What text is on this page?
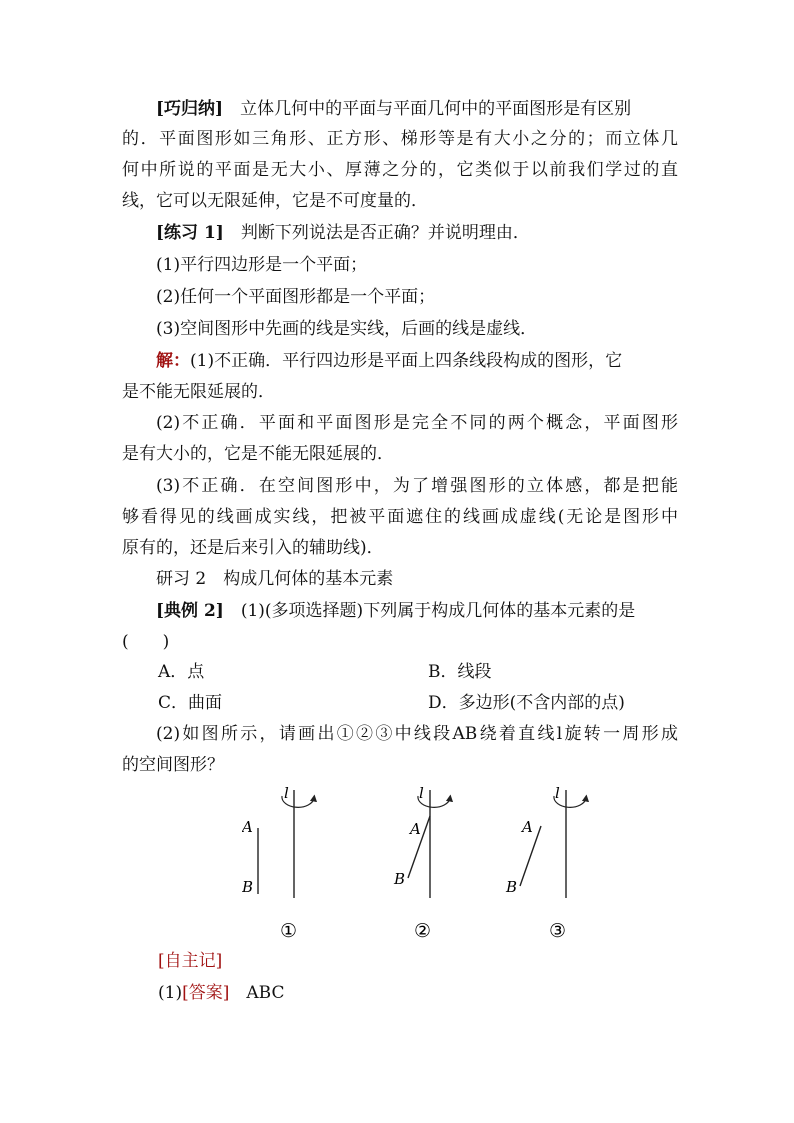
[巧归纳]　立体几何中的平面与平面几何中的平面图形是有区别
的．平面图形如三角形、正方形、梯形等是有大小之分的；而立体几
何中所说的平面是无大小、厚薄之分的，它类似于以前我们学过的直
线，它可以无限延伸，它是不可度量的．
[练习 1]　判断下列说法是否正确？并说明理由．
(1)平行四边形是一个平面；
(2)任何一个平面图形都是一个平面；
(3)空间图形中先画的线是实线，后画的线是虚线．
解：(1)不正确．平行四边形是平面上四条线段构成的图形，它
是不能无限延展的．
(2)不正确．平面和平面图形是完全不同的两个概念，平面图形
是有大小的，它是不能无限延展的．
(3)不正确．在空间图形中，为了增强图形的立体感，都是把能
够看得见的线画成实线，把被平面遮住的线画成虚线(无论是图形中
原有的，还是后来引入的辅助线)．
研习 2　构成几何体的基本元素
[典例 2]　(1)(多项选择题)下列属于构成几何体的基本元素的是
(　　)
A．点	B．线段
C．曲面	D．多边形(不含内部的点)
(2)如图所示，请画出①②③中线段AB绕着直线l旋转一周形成
的空间图形？
l
A
B
①
l
A
B
②
l
A
B
③
[自主记]
(1)[答案]　ABC
